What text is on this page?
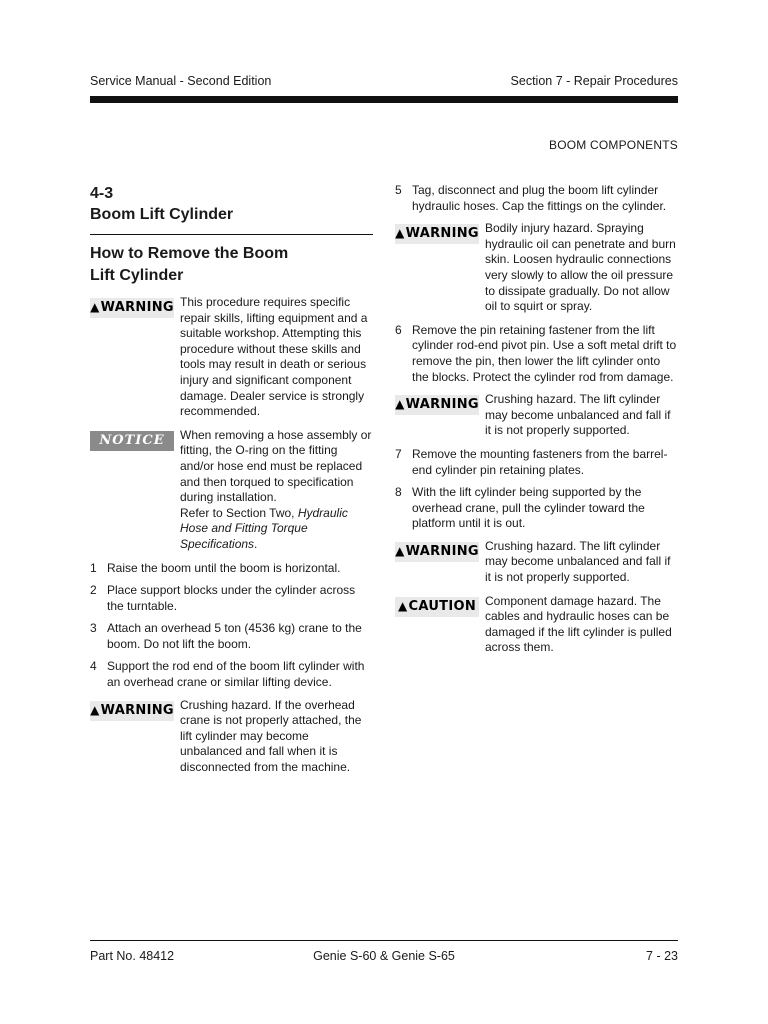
Service Manual - Second Edition	Section 7 - Repair Procedures
BOOM COMPONENTS
4-3
Boom Lift Cylinder
How to Remove the Boom
Lift Cylinder
▲ WARNING This procedure requires specific repair skills, lifting equipment and a suitable workshop. Attempting this procedure without these skills and tools may result in death or serious injury and significant component damage. Dealer service is strongly recommended.
NOTICE When removing a hose assembly or fitting, the O-ring on the fitting and/or hose end must be replaced and then torqued to specification during installation.
Refer to Section Two, Hydraulic Hose and Fitting Torque Specifications.
1 Raise the boom until the boom is horizontal.
2 Place support blocks under the cylinder across the turntable.
3 Attach an overhead 5 ton (4536 kg) crane to the boom. Do not lift the boom.
4 Support the rod end of the boom lift cylinder with an overhead crane or similar lifting device.
▲ WARNING Crushing hazard. If the overhead crane is not properly attached, the lift cylinder may become unbalanced and fall when it is disconnected from the machine.
5 Tag, disconnect and plug the boom lift cylinder hydraulic hoses. Cap the fittings on the cylinder.
▲ WARNING Bodily injury hazard. Spraying hydraulic oil can penetrate and burn skin. Loosen hydraulic connections very slowly to allow the oil pressure to dissipate gradually. Do not allow oil to squirt or spray.
6 Remove the pin retaining fastener from the lift cylinder rod-end pivot pin. Use a soft metal drift to remove the pin, then lower the lift cylinder onto the blocks. Protect the cylinder rod from damage.
▲ WARNING Crushing hazard. The lift cylinder may become unbalanced and fall if it is not properly supported.
7 Remove the mounting fasteners from the barrel-end cylinder pin retaining plates.
8 With the lift cylinder being supported by the overhead crane, pull the cylinder toward the platform until it is out.
▲ WARNING Crushing hazard. The lift cylinder may become unbalanced and fall if it is not properly supported.
▲ CAUTION Component damage hazard. The cables and hydraulic hoses can be damaged if the lift cylinder is pulled across them.
Part No. 48412	Genie S-60 & Genie S-65	7 - 23
